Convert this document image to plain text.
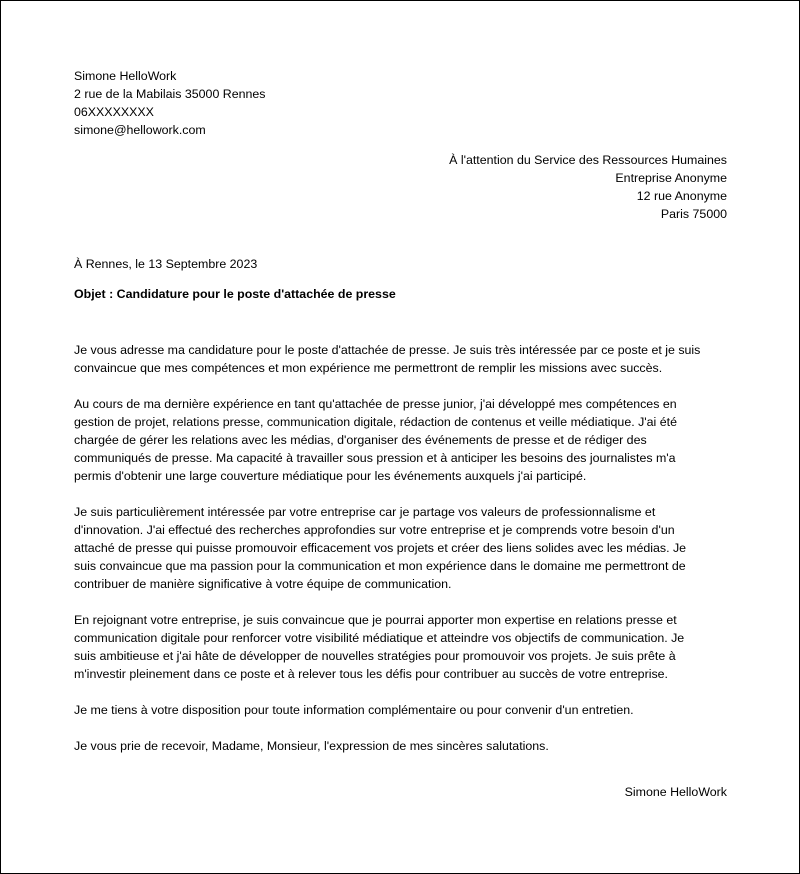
Simone HelloWork
2 rue de la Mabilais 35000 Rennes
06XXXXXXXX
simone@hellowork.com
À l'attention du Service des Ressources Humaines
Entreprise Anonyme
12 rue Anonyme
Paris 75000
À Rennes, le 13 Septembre 2023
Objet : Candidature pour le poste d'attachée de presse
Je vous adresse ma candidature pour le poste d'attachée de presse. Je suis très intéressée par ce poste et je suis
convaincue que mes compétences et mon expérience me permettront de remplir les missions avec succès.
Au cours de ma dernière expérience en tant qu'attachée de presse junior, j'ai développé mes compétences en
gestion de projet, relations presse, communication digitale, rédaction de contenus et veille médiatique. J'ai été
chargée de gérer les relations avec les médias, d'organiser des événements de presse et de rédiger des
communiqués de presse. Ma capacité à travailler sous pression et à anticiper les besoins des journalistes m'a
permis d'obtenir une large couverture médiatique pour les événements auxquels j'ai participé.
Je suis particulièrement intéressée par votre entreprise car je partage vos valeurs de professionnalisme et
d'innovation. J'ai effectué des recherches approfondies sur votre entreprise et je comprends votre besoin d'un
attaché de presse qui puisse promouvoir efficacement vos projets et créer des liens solides avec les médias. Je
suis convaincue que ma passion pour la communication et mon expérience dans le domaine me permettront de
contribuer de manière significative à votre équipe de communication.
En rejoignant votre entreprise, je suis convaincue que je pourrai apporter mon expertise en relations presse et
communication digitale pour renforcer votre visibilité médiatique et atteindre vos objectifs de communication. Je
suis ambitieuse et j'ai hâte de développer de nouvelles stratégies pour promouvoir vos projets. Je suis prête à
m'investir pleinement dans ce poste et à relever tous les défis pour contribuer au succès de votre entreprise.
Je me tiens à votre disposition pour toute information complémentaire ou pour convenir d'un entretien.
Je vous prie de recevoir, Madame, Monsieur, l'expression de mes sincères salutations.
Simone HelloWork
